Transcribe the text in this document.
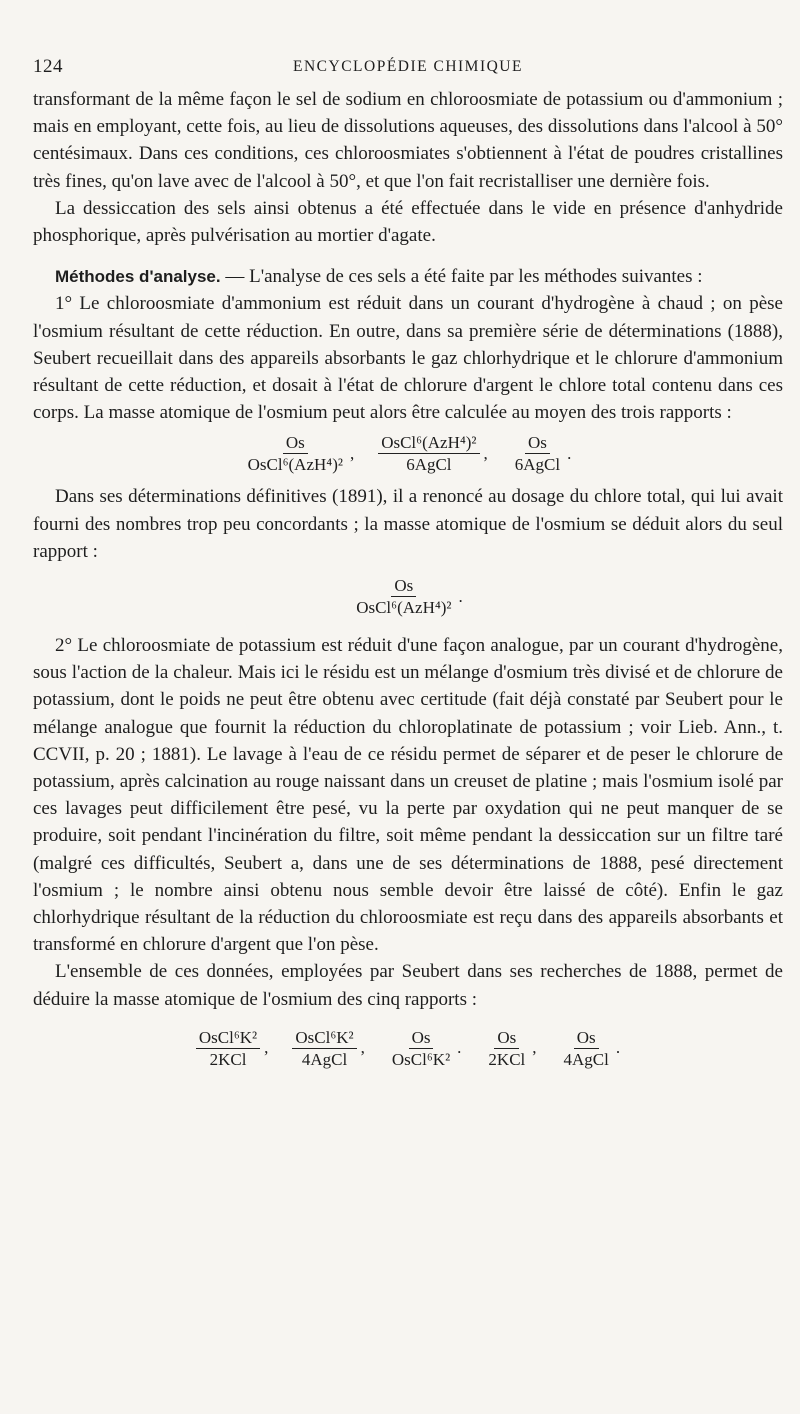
124	ENCYCLOPÉDIE CHIMIQUE

transformant de la même façon le sel de sodium en chloroosmiate de potassium ou d'ammonium ; mais en employant, cette fois, au lieu de dissolutions aqueuses, des dissolutions dans l'alcool à 50° centésimaux. Dans ces conditions, ces chloroosmiates s'obtiennent à l'état de poudres cristallines très fines, qu'on lave avec de l'alcool à 50°, et que l'on fait recristalliser une dernière fois.

La dessiccation des sels ainsi obtenus a été effectuée dans le vide en présence d'anhydride phosphorique, après pulvérisation au mortier d'agate.

Méthodes d'analyse. — L'analyse de ces sels a été faite par les méthodes suivantes :

1° Le chloroosmiate d'ammonium est réduit dans un courant d'hydrogène à chaud ; on pèse l'osmium résultant de cette réduction. En outre, dans sa première série de déterminations (1888), Seubert recueillait dans des appareils absorbants le gaz chlorhydrique et le chlorure d'ammonium résultant de cette réduction, et dosait à l'état de chlorure d'argent le chlore total contenu dans ces corps. La masse atomique de l'osmium peut alors être calculée au moyen des trois rapports :

$\frac{Os}{\text{OsCl⁶(AzH⁴)²}}$ , $\frac{\text{OsCl⁶(AzH⁴)²}}{\text{6AgCl}}$ , $\frac{Os}{\text{6AgCl}}$ .

Dans ses déterminations définitives (1891), il a renoncé au dosage du chlore total, qui lui avait fourni des nombres trop peu concordants ; la masse atomique de l'osmium se déduit alors du seul rapport :

$\frac{Os}{\text{OsCl⁶(AzH⁴)²}}$ .

2° Le chloroosmiate de potassium est réduit d'une façon analogue, par un courant d'hydrogène, sous l'action de la chaleur. Mais ici le résidu est un mélange d'osmium très divisé et de chlorure de potassium, dont le poids ne peut être obtenu avec certitude (fait déjà constaté par Seubert pour le mélange analogue que fournit la réduction du chloroplatinate de potassium ; voir Lieb. Ann., t. CCVII, p. 20 ; 1881). Le lavage à l'eau de ce résidu permet de séparer et de peser le chlorure de potassium, après calcination au rouge naissant dans un creuset de platine ; mais l'osmium isolé par ces lavages peut difficilement être pesé, vu la perte par oxydation qui ne peut manquer de se produire, soit pendant l'incinération du filtre, soit même pendant la dessiccation sur un filtre taré (malgré ces difficultés, Seubert a, dans une de ses déterminations de 1888, pesé directement l'osmium ; le nombre ainsi obtenu nous semble devoir être laissé de côté). Enfin le gaz chlorhydrique résultant de la réduction du chloroosmiate est reçu dans des appareils absorbants et transformé en chlorure d'argent que l'on pèse.

L'ensemble de ces données, employées par Seubert dans ses recherches de 1888, permet de déduire la masse atomique de l'osmium des cinq rapports :

$\frac{\text{OsCl⁶K²}}{\text{2KCl}}$ , $\frac{\text{OsCl⁶K²}}{\text{4AgCl}}$ , $\frac{Os}{\text{OsCl⁶K²}}$ . $\frac{Os}{\text{2KCl}}$ , $\frac{Os}{\text{4AgCl}}$ .
